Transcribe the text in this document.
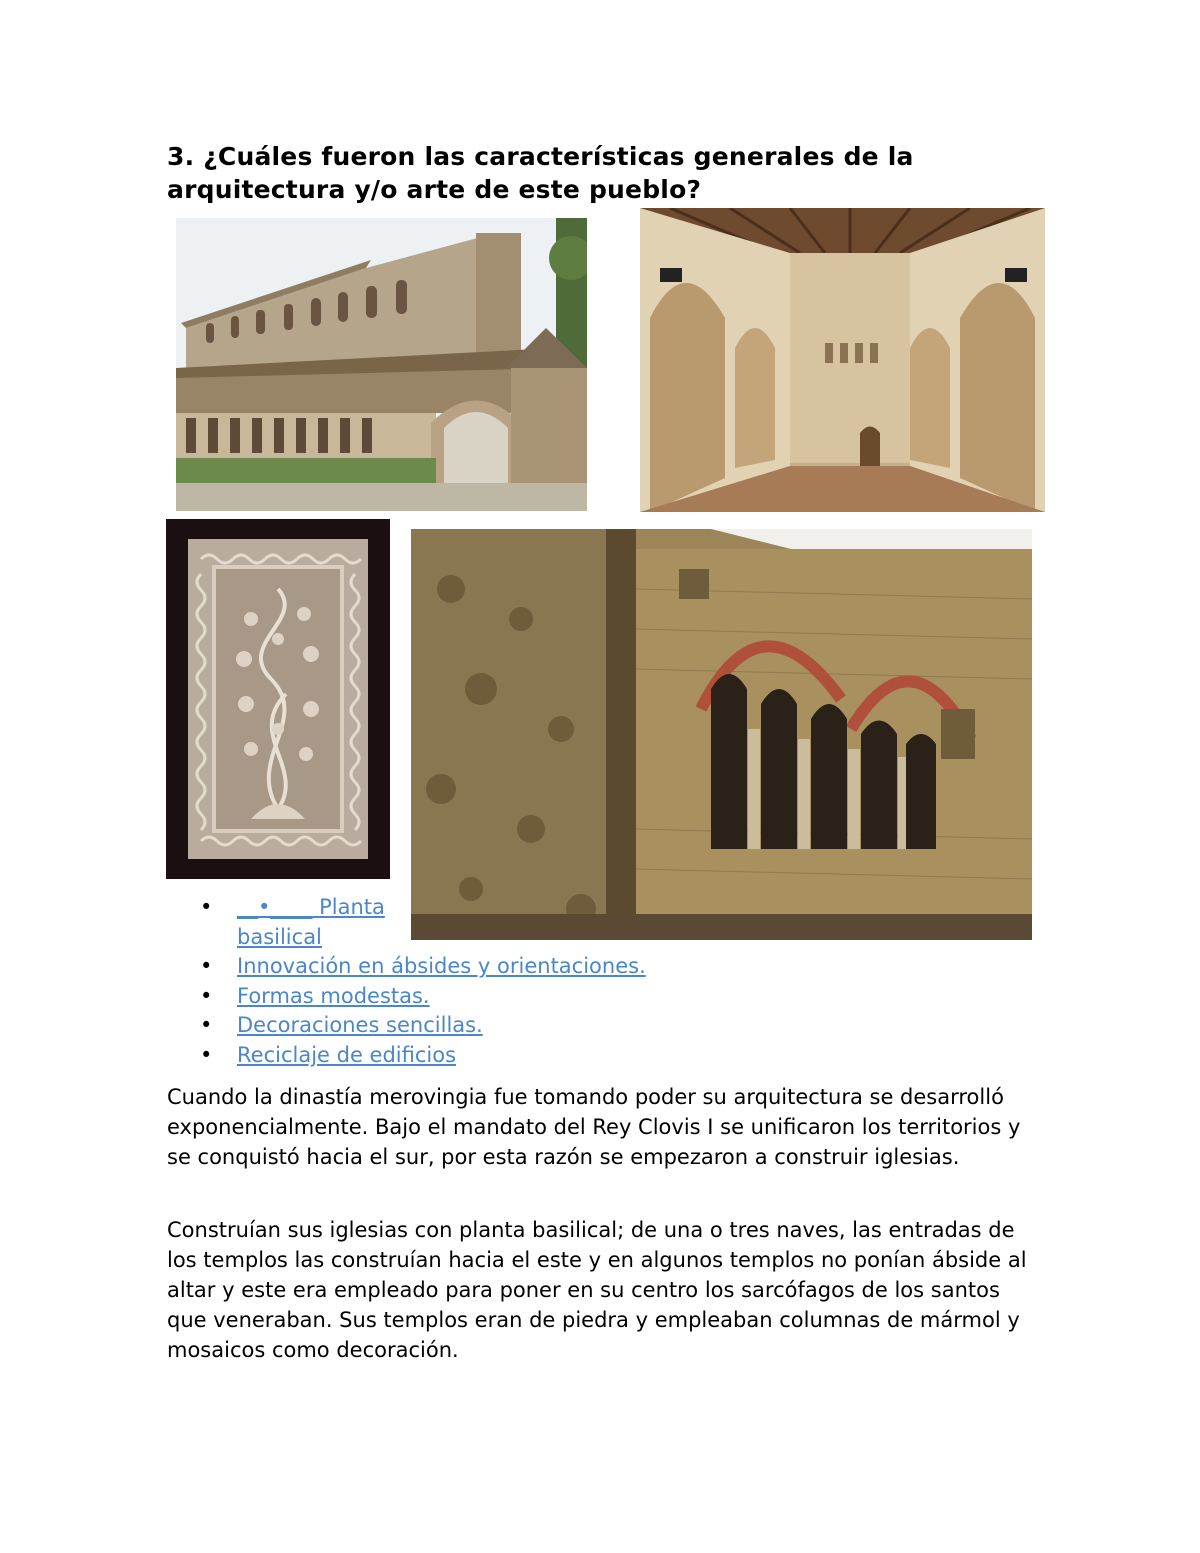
3. ¿Cuáles fueron las características generales de la arquitectura y/o arte de este pueblo?
• __•____ Planta basilical
• Innovación en ábsides y orientaciones.
• Formas modestas.
• Decoraciones sencillas.
• Reciclaje de edificios

Cuando la dinastía merovingia fue tomando poder su arquitectura se desarrolló exponencialmente. Bajo el mandato del Rey Clovis I se unificaron los territorios y se conquistó hacia el sur, por esta razón se empezaron a construir iglesias.

Construían sus iglesias con planta basilical; de una o tres naves, las entradas de los templos las construían hacia el este y en algunos templos no ponían ábside al altar y este era empleado para poner en su centro los sarcófagos de los santos que veneraban. Sus templos eran de piedra y empleaban columnas de mármol y mosaicos como decoración.
